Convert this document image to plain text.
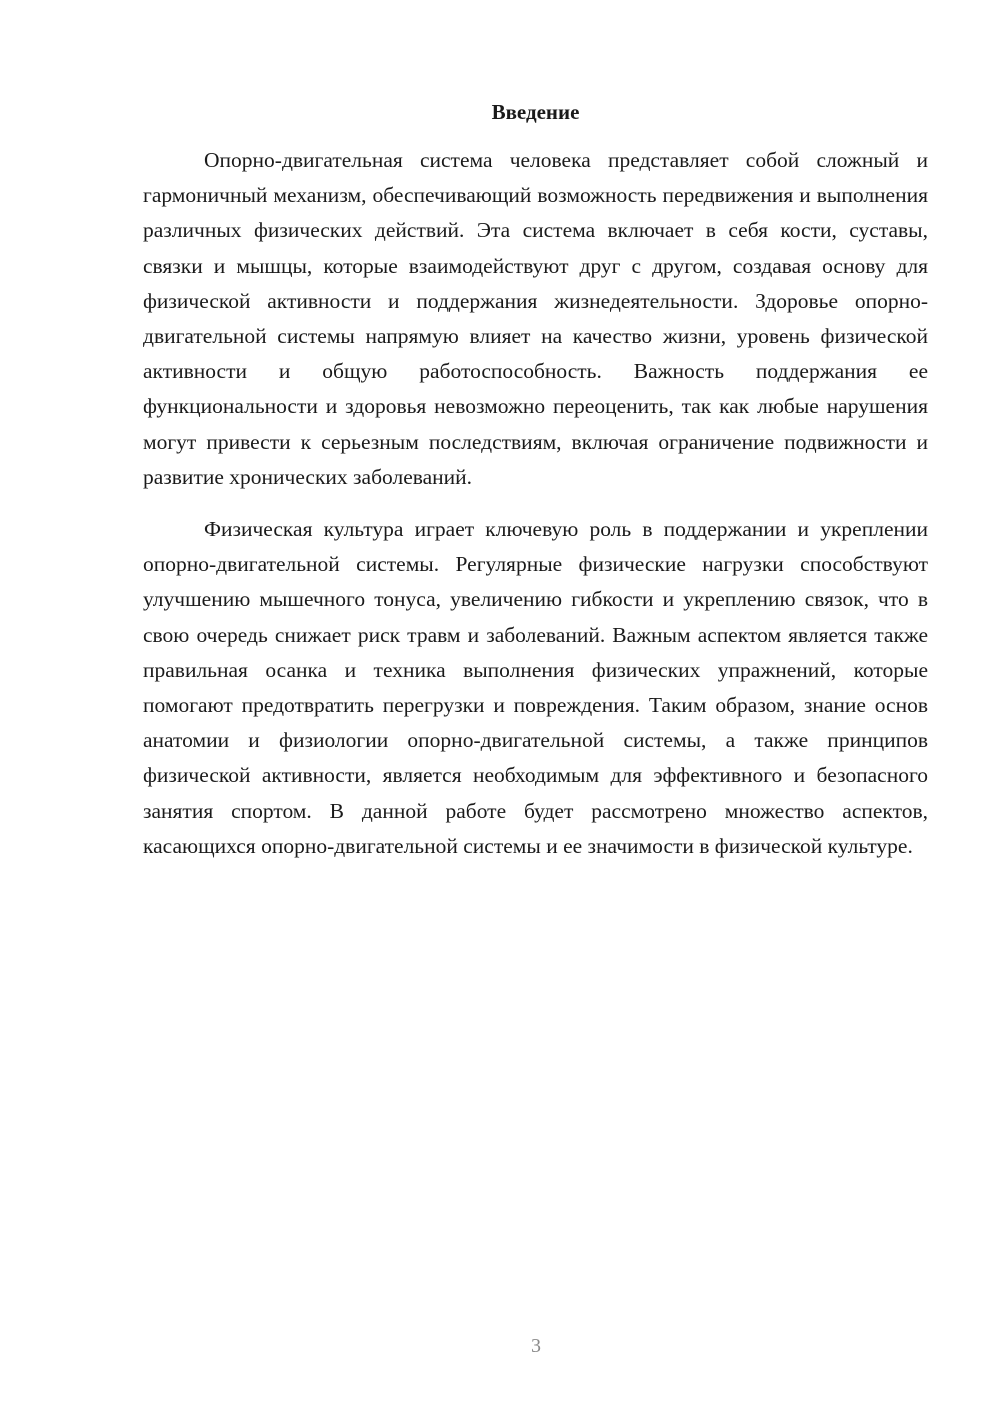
Введение

Опорно-двигательная система человека представляет собой сложный и гармоничный механизм, обеспечивающий возможность передвижения и выполнения различных физических действий. Эта система включает в себя кости, суставы, связки и мышцы, которые взаимодействуют друг с другом, создавая основу для физической активности и поддержания жизнедеятельности. Здоровье опорно-двигательной системы напрямую влияет на качество жизни, уровень физической активности и общую работоспособность. Важность поддержания ее функциональности и здоровья невозможно переоценить, так как любые нарушения могут привести к серьезным последствиям, включая ограничение подвижности и развитие хронических заболеваний.

Физическая культура играет ключевую роль в поддержании и укреплении опорно-двигательной системы. Регулярные физические нагрузки способствуют улучшению мышечного тонуса, увеличению гибкости и укреплению связок, что в свою очередь снижает риск травм и заболеваний. Важным аспектом является также правильная осанка и техника выполнения физических упражнений, которые помогают предотвратить перегрузки и повреждения. Таким образом, знание основ анатомии и физиологии опорно-двигательной системы, а также принципов физической активности, является необходимым для эффективного и безопасного занятия спортом. В данной работе будет рассмотрено множество аспектов, касающихся опорно-двигательной системы и ее значимости в физической культуре.

3
